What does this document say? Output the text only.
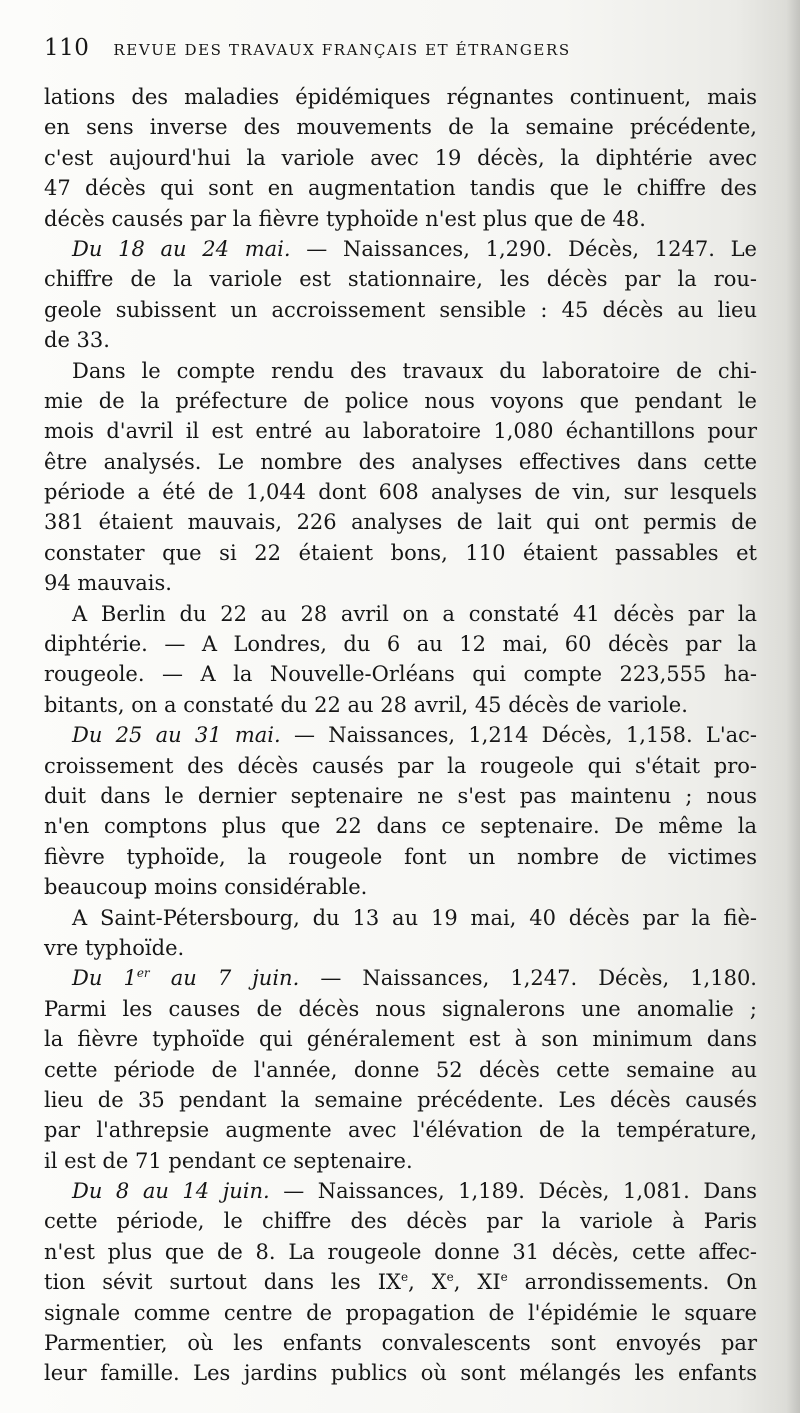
110 REVUE DES TRAVAUX FRANÇAIS ET ÉTRANGERS
lations des maladies épidémiques régnantes continuent, mais
en sens inverse des mouvements de la semaine précédente,
c'est aujourd'hui la variole avec 19 décès, la diphtérie avec
47 décès qui sont en augmentation tandis que le chiffre des
décès causés par la fièvre typhoïde n'est plus que de 48.
Du 18 au 24 mai. — Naissances, 1,290. Décès, 1247. Le
chiffre de la variole est stationnaire, les décès par la rou-
geole subissent un accroissement sensible : 45 décès au lieu
de 33.
Dans le compte rendu des travaux du laboratoire de chi-
mie de la préfecture de police nous voyons que pendant le
mois d'avril il est entré au laboratoire 1,080 échantillons pour
être analysés. Le nombre des analyses effectives dans cette
période a été de 1,044 dont 608 analyses de vin, sur lesquels
381 étaient mauvais, 226 analyses de lait qui ont permis de
constater que si 22 étaient bons, 110 étaient passables et
94 mauvais.
A Berlin du 22 au 28 avril on a constaté 41 décès par la
diphtérie. — A Londres, du 6 au 12 mai, 60 décès par la
rougeole. — A la Nouvelle-Orléans qui compte 223,555 ha-
bitants, on a constaté du 22 au 28 avril, 45 décès de variole.
Du 25 au 31 mai. — Naissances, 1,214 Décès, 1,158. L'ac-
croissement des décès causés par la rougeole qui s'était pro-
duit dans le dernier septenaire ne s'est pas maintenu ; nous
n'en comptons plus que 22 dans ce septenaire. De même la
fièvre typhoïde, la rougeole font un nombre de victimes
beaucoup moins considérable.
A Saint-Pétersbourg, du 13 au 19 mai, 40 décès par la fiè-
vre typhoïde.
Du 1er au 7 juin. — Naissances, 1,247. Décès, 1,180.
Parmi les causes de décès nous signalerons une anomalie ;
la fièvre typhoïde qui généralement est à son minimum dans
cette période de l'année, donne 52 décès cette semaine au
lieu de 35 pendant la semaine précédente. Les décès causés
par l'athrepsie augmente avec l'élévation de la température,
il est de 71 pendant ce septenaire.
Du 8 au 14 juin. — Naissances, 1,189. Décès, 1,081. Dans
cette période, le chiffre des décès par la variole à Paris
n'est plus que de 8. La rougeole donne 31 décès, cette affec-
tion sévit surtout dans les IXe, Xe, XIe arrondissements. On
signale comme centre de propagation de l'épidémie le square
Parmentier, où les enfants convalescents sont envoyés par
leur famille. Les jardins publics où sont mélangés les enfants
